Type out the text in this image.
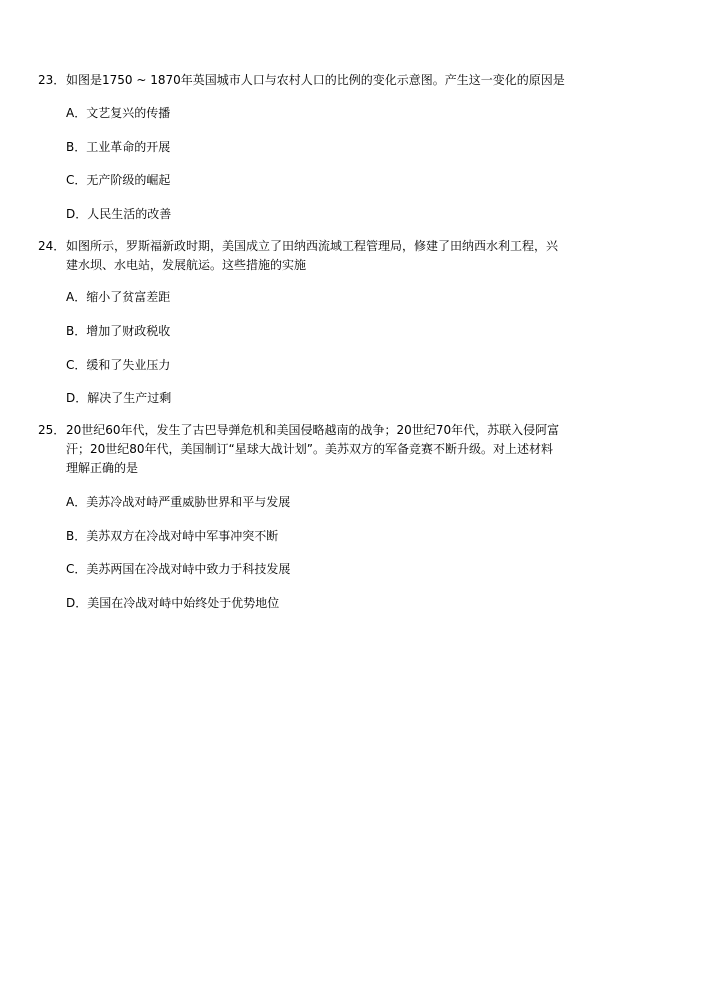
23． 如图是1750 ~ 1870年英国城市人口与农村人口的比例的变化示意图。产生这一变化的原因是
A．文艺复兴的传播
B．工业革命的开展
C．无产阶级的崛起
D．人民生活的改善
24． 如图所示，罗斯福新政时期，美国成立了田纳西流域工程管理局，修建了田纳西水利工程，兴
建水坝、水电站，发展航运。这些措施的实施
A．缩小了贫富差距
B．增加了财政税收
C．缓和了失业压力
D．解决了生产过剩
25． 20世纪60年代，发生了古巴导弹危机和美国侵略越南的战争；20世纪70年代，苏联入侵阿富
汗；20世纪80年代，美国制订“星球大战计划”。美苏双方的军备竞赛不断升级。对上述材料
理解正确的是
A．美苏冷战对峙严重威胁世界和平与发展
B．美苏双方在冷战对峙中军事冲突不断
C．美苏两国在冷战对峙中致力于科技发展
D．美国在冷战对峙中始终处于优势地位
